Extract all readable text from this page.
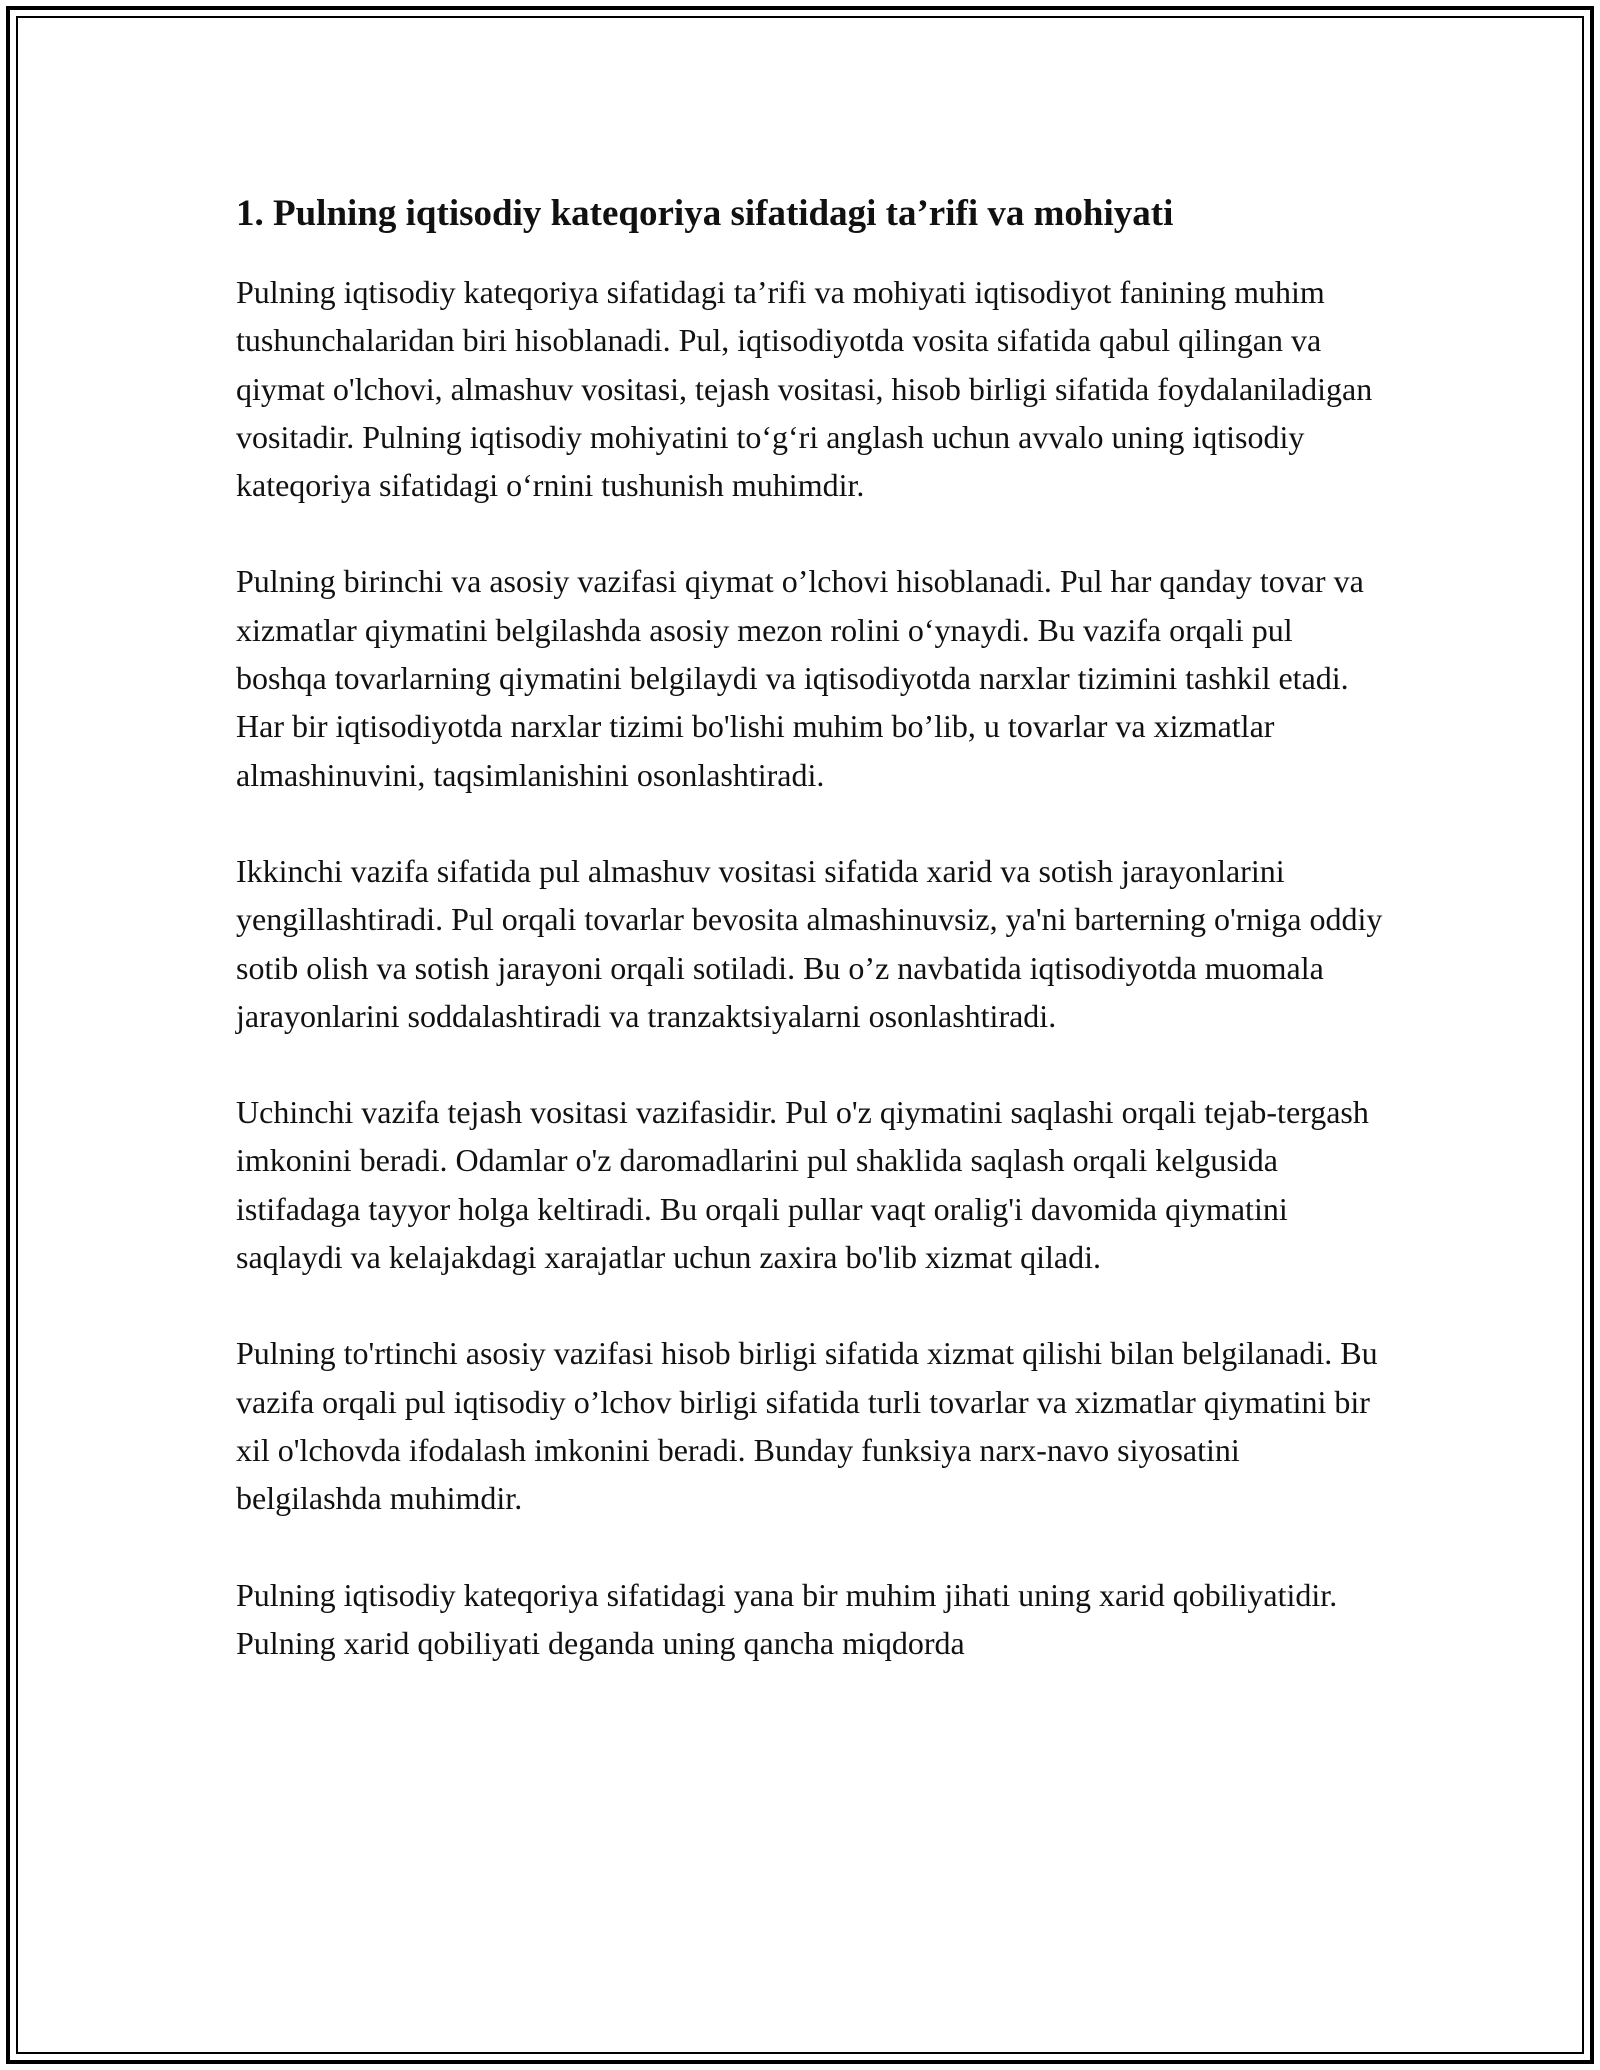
1. Pulning iqtisodiy kateqoriya sifatidagi ta’rifi va mohiyati

Pulning iqtisodiy kateqoriya sifatidagi ta’rifi va mohiyati iqtisodiyot fanining muhim tushunchalaridan biri hisoblanadi. Pul, iqtisodiyotda vosita sifatida qabul qilingan va qiymat o'lchovi, almashuv vositasi, tejash vositasi, hisob birligi sifatida foydalaniladigan vositadir. Pulning iqtisodiy mohiyatini to‘g‘ri anglash uchun avvalo uning iqtisodiy kateqoriya sifatidagi o‘rnini tushunish muhimdir.

Pulning birinchi va asosiy vazifasi qiymat o’lchovi hisoblanadi. Pul har qanday tovar va xizmatlar qiymatini belgilashda asosiy mezon rolini o‘ynaydi. Bu vazifa orqali pul boshqa tovarlarning qiymatini belgilaydi va iqtisodiyotda narxlar tizimini tashkil etadi. Har bir iqtisodiyotda narxlar tizimi bo'lishi muhim bo’lib, u tovarlar va xizmatlar almashinuvini, taqsimlanishini osonlashtiradi.

Ikkinchi vazifa sifatida pul almashuv vositasi sifatida xarid va sotish jarayonlarini yengillashtiradi. Pul orqali tovarlar bevosita almashinuvsiz, ya'ni barterning o'rniga oddiy sotib olish va sotish jarayoni orqali sotiladi. Bu o’z navbatida iqtisodiyotda muomala jarayonlarini soddalashtiradi va tranzaktsiyalarni osonlashtiradi.

Uchinchi vazifa tejash vositasi vazifasidir. Pul o'z qiymatini saqlashi orqali tejab-tergash imkonini beradi. Odamlar o'z daromadlarini pul shaklida saqlash orqali kelgusida istifadaga tayyor holga keltiradi. Bu orqali pullar vaqt oralig'i davomida qiymatini saqlaydi va kelajakdagi xarajatlar uchun zaxira bo'lib xizmat qiladi.

Pulning to'rtinchi asosiy vazifasi hisob birligi sifatida xizmat qilishi bilan belgilanadi. Bu vazifa orqali pul iqtisodiy o’lchov birligi sifatida turli tovarlar va xizmatlar qiymatini bir xil o'lchovda ifodalash imkonini beradi. Bunday funksiya narx-navo siyosatini belgilashda muhimdir.

Pulning iqtisodiy kateqoriya sifatidagi yana bir muhim jihati uning xarid qobiliyatidir. Pulning xarid qobiliyati deganda uning qancha miqdorda
